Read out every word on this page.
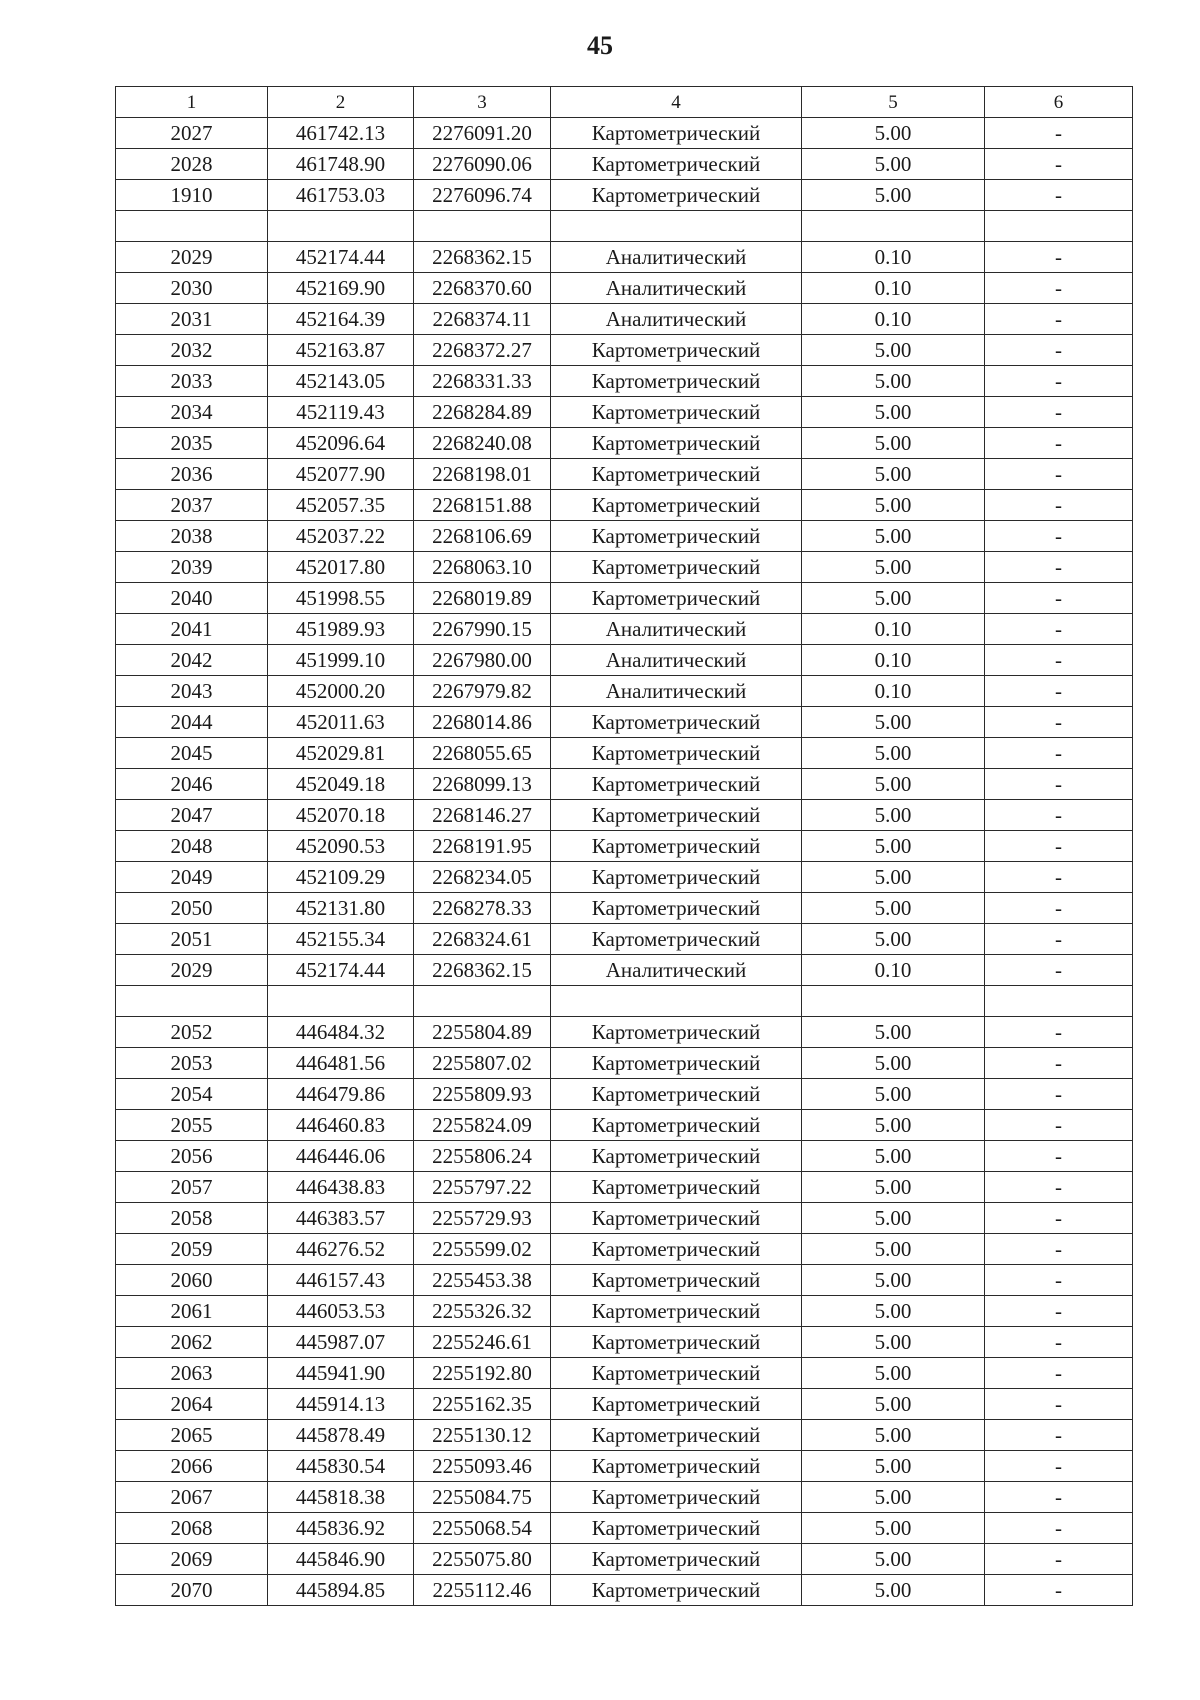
45
1	2	3	4	5	6
2027	461742.13	2276091.20	Картометрический	5.00	-
2028	461748.90	2276090.06	Картометрический	5.00	-
1910	461753.03	2276096.74	Картометрический	5.00	-

2029	452174.44	2268362.15	Аналитический	0.10	-
2030	452169.90	2268370.60	Аналитический	0.10	-
2031	452164.39	2268374.11	Аналитический	0.10	-
2032	452163.87	2268372.27	Картометрический	5.00	-
2033	452143.05	2268331.33	Картометрический	5.00	-
2034	452119.43	2268284.89	Картометрический	5.00	-
2035	452096.64	2268240.08	Картометрический	5.00	-
2036	452077.90	2268198.01	Картометрический	5.00	-
2037	452057.35	2268151.88	Картометрический	5.00	-
2038	452037.22	2268106.69	Картометрический	5.00	-
2039	452017.80	2268063.10	Картометрический	5.00	-
2040	451998.55	2268019.89	Картометрический	5.00	-
2041	451989.93	2267990.15	Аналитический	0.10	-
2042	451999.10	2267980.00	Аналитический	0.10	-
2043	452000.20	2267979.82	Аналитический	0.10	-
2044	452011.63	2268014.86	Картометрический	5.00	-
2045	452029.81	2268055.65	Картометрический	5.00	-
2046	452049.18	2268099.13	Картометрический	5.00	-
2047	452070.18	2268146.27	Картометрический	5.00	-
2048	452090.53	2268191.95	Картометрический	5.00	-
2049	452109.29	2268234.05	Картометрический	5.00	-
2050	452131.80	2268278.33	Картометрический	5.00	-
2051	452155.34	2268324.61	Картометрический	5.00	-
2029	452174.44	2268362.15	Аналитический	0.10	-

2052	446484.32	2255804.89	Картометрический	5.00	-
2053	446481.56	2255807.02	Картометрический	5.00	-
2054	446479.86	2255809.93	Картометрический	5.00	-
2055	446460.83	2255824.09	Картометрический	5.00	-
2056	446446.06	2255806.24	Картометрический	5.00	-
2057	446438.83	2255797.22	Картометрический	5.00	-
2058	446383.57	2255729.93	Картометрический	5.00	-
2059	446276.52	2255599.02	Картометрический	5.00	-
2060	446157.43	2255453.38	Картометрический	5.00	-
2061	446053.53	2255326.32	Картометрический	5.00	-
2062	445987.07	2255246.61	Картометрический	5.00	-
2063	445941.90	2255192.80	Картометрический	5.00	-
2064	445914.13	2255162.35	Картометрический	5.00	-
2065	445878.49	2255130.12	Картометрический	5.00	-
2066	445830.54	2255093.46	Картометрический	5.00	-
2067	445818.38	2255084.75	Картометрический	5.00	-
2068	445836.92	2255068.54	Картометрический	5.00	-
2069	445846.90	2255075.80	Картометрический	5.00	-
2070	445894.85	2255112.46	Картометрический	5.00	-
